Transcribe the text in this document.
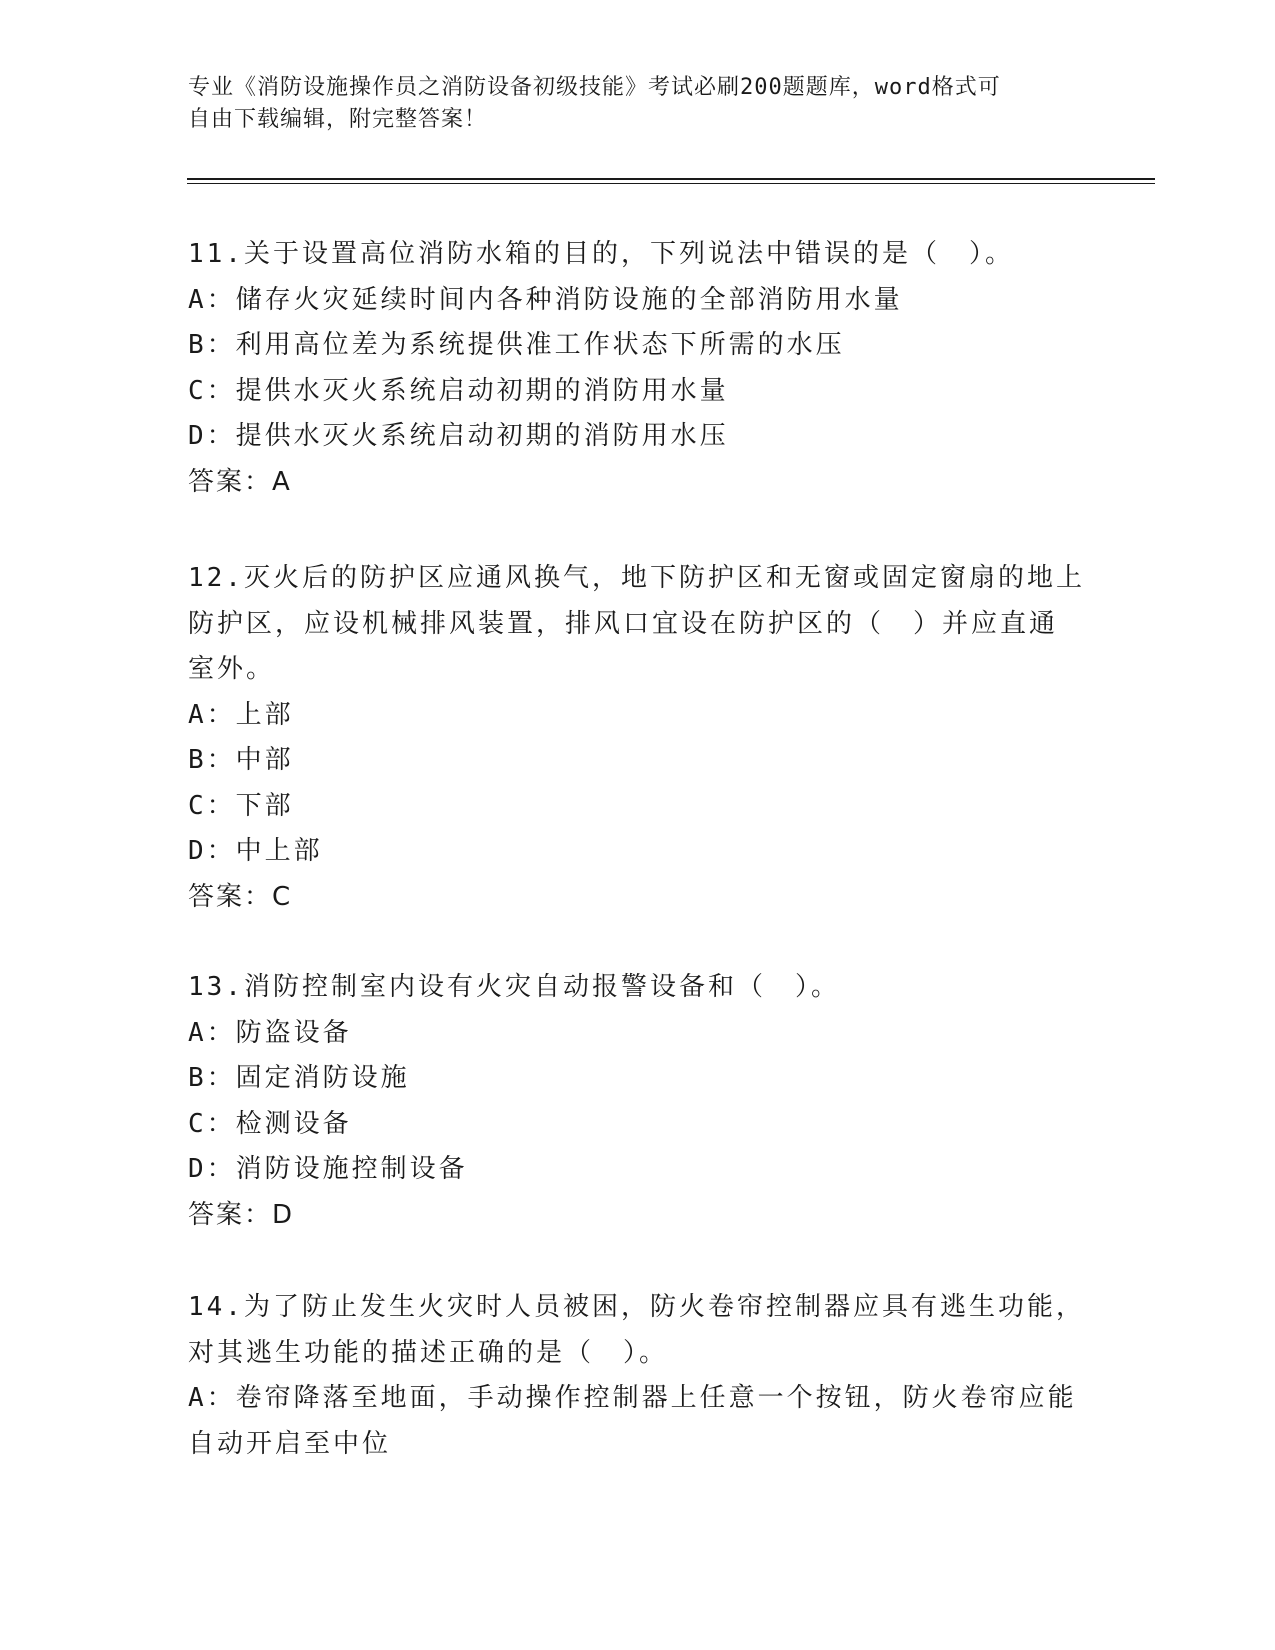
专业《消防设施操作员之消防设备初级技能》考试必刷200题题库，word格式可
自由下载编辑，附完整答案！
11.关于设置高位消防水箱的目的，下列说法中错误的是（　）。
A：储存火灾延续时间内各种消防设施的全部消防用水量
B：利用高位差为系统提供准工作状态下所需的水压
C：提供水灭火系统启动初期的消防用水量
D：提供水灭火系统启动初期的消防用水压
答案：A
12.灭火后的防护区应通风换气，地下防护区和无窗或固定窗扇的地上
防护区，应设机械排风装置，排风口宜设在防护区的（　）并应直通
室外。
A：上部
B：中部
C：下部
D：中上部
答案：C
13.消防控制室内设有火灾自动报警设备和（　）。
A：防盗设备
B：固定消防设施
C：检测设备
D：消防设施控制设备
答案：D
14.为了防止发生火灾时人员被困，防火卷帘控制器应具有逃生功能，
对其逃生功能的描述正确的是（　）。
A：卷帘降落至地面，手动操作控制器上任意一个按钮，防火卷帘应能
自动开启至中位
